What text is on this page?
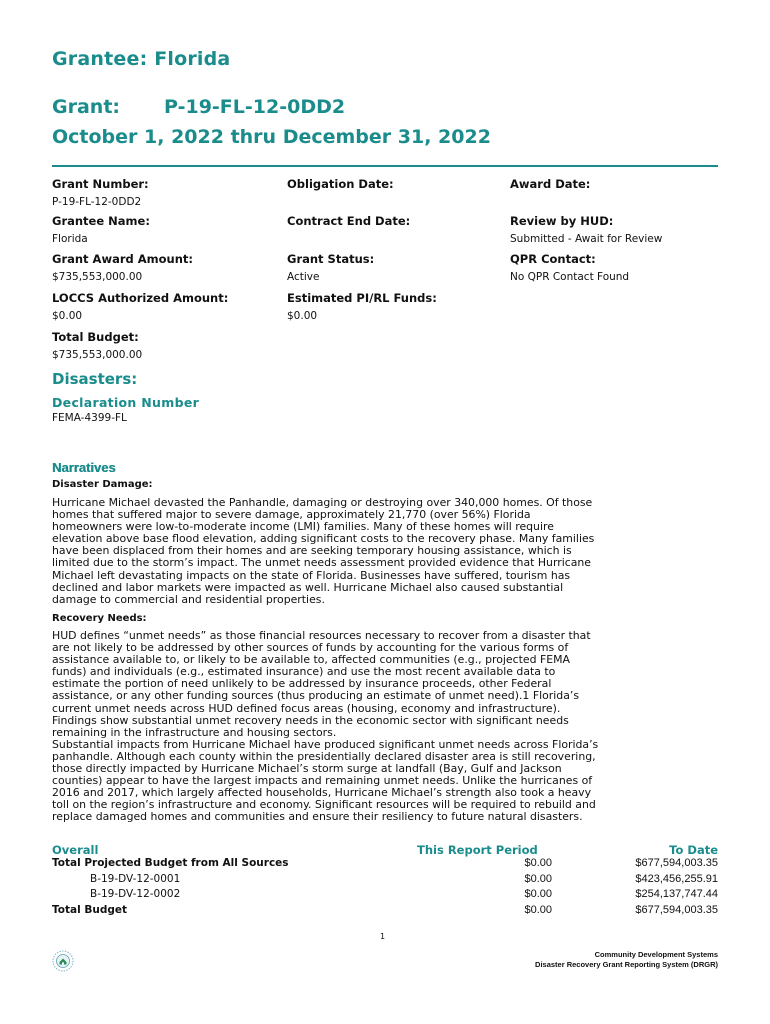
Grantee: Florida
Grant: P-19-FL-12-0DD2
October 1, 2022 thru December 31, 2022
Grant Number:
P-19-FL-12-0DD2
Obligation Date:	Award Date:
Grantee Name:
Florida
Contract End Date:	Review by HUD:
Submitted - Await for Review
Grant Award Amount:
$735,553,000.00
Grant Status:
Active
QPR Contact:
No QPR Contact Found
LOCCS Authorized Amount:
$0.00
Estimated PI/RL Funds:
$0.00
Total Budget:
$735,553,000.00
Disasters:
Declaration Number
FEMA-4399-FL
Narratives
Disaster Damage:
Hurricane Michael devasted the Panhandle, damaging or destroying over 340,000 homes. Of those
homes that suffered major to severe damage, approximately 21,770 (over 56%) Florida
homeowners were low-to-moderate income (LMI) families. Many of these homes will require
elevation above base flood elevation, adding significant costs to the recovery phase. Many families
have been displaced from their homes and are seeking temporary housing assistance, which is
limited due to the storm’s impact. The unmet needs assessment provided evidence that Hurricane
Michael left devastating impacts on the state of Florida. Businesses have suffered, tourism has
declined and labor markets were impacted as well. Hurricane Michael also caused substantial
damage to commercial and residential properties.
Recovery Needs:
HUD defines “unmet needs” as those financial resources necessary to recover from a disaster that
are not likely to be addressed by other sources of funds by accounting for the various forms of
assistance available to, or likely to be available to, affected communities (e.g., projected FEMA
funds) and individuals (e.g., estimated insurance) and use the most recent available data to
estimate the portion of need unlikely to be addressed by insurance proceeds, other Federal
assistance, or any other funding sources (thus producing an estimate of unmet need).1 Florida’s
current unmet needs across HUD defined focus areas (housing, economy and infrastructure).
Findings show substantial unmet recovery needs in the economic sector with significant needs
remaining in the infrastructure and housing sectors.
Substantial impacts from Hurricane Michael have produced significant unmet needs across Florida’s
panhandle. Although each county within the presidentially declared disaster area is still recovering,
those directly impacted by Hurricane Michael’s storm surge at landfall (Bay, Gulf and Jackson
counties) appear to have the largest impacts and remaining unmet needs. Unlike the hurricanes of
2016 and 2017, which largely affected households, Hurricane Michael’s strength also took a heavy
toll on the region’s infrastructure and economy. Significant resources will be required to rebuild and
replace damaged homes and communities and ensure their resiliency to future natural disasters.
Overall	This Report Period	To Date
Total Projected Budget from All Sources	$0.00	$677,594,003.35
B-19-DV-12-0001	$0.00	$423,456,255.91
B-19-DV-12-0002	$0.00	$254,137,747.44
Total Budget	$0.00	$677,594,003.35
1
Community Development Systems
Disaster Recovery Grant Reporting System (DRGR)
